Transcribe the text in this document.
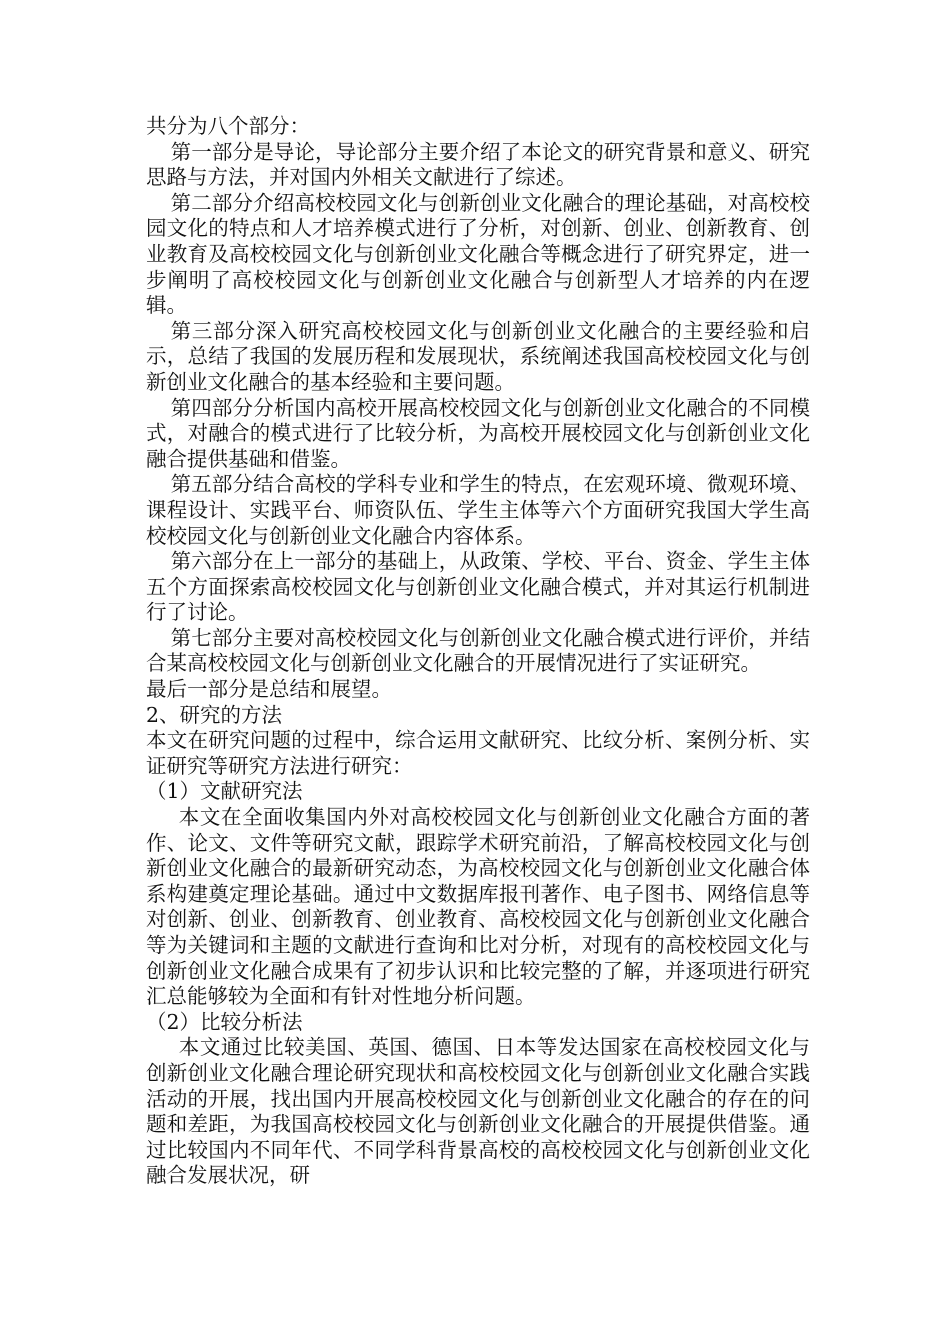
共分为八个部分：

第一部分是导论，导论部分主要介绍了本论文的研究背景和意义、研究思路与方法，并对国内外相关文献进行了综述。

第二部分介绍高校校园文化与创新创业文化融合的理论基础，对高校校园文化的特点和人才培养模式进行了分析，对创新、创业、创新教育、创业教育及高校校园文化与创新创业文化融合等概念进行了研究界定，进一步阐明了高校校园文化与创新创业文化融合与创新型人才培养的内在逻辑。

第三部分深入研究高校校园文化与创新创业文化融合的主要经验和启示，总结了我国的发展历程和发展现状，系统阐述我国高校校园文化与创新创业文化融合的基本经验和主要问题。

第四部分分析国内高校开展高校校园文化与创新创业文化融合的不同模式，对融合的模式进行了比较分析，为高校开展校园文化与创新创业文化融合提供基础和借鉴。

第五部分结合高校的学科专业和学生的特点，在宏观环境、微观环境、课程设计、实践平台、师资队伍、学生主体等六个方面研究我国大学生高校校园文化与创新创业文化融合内容体系。

第六部分在上一部分的基础上，从政策、学校、平台、资金、学生主体五个方面探索高校校园文化与创新创业文化融合模式，并对其运行机制进行了讨论。

第七部分主要对高校校园文化与创新创业文化融合模式进行评价，并结合某高校校园文化与创新创业文化融合的开展情况进行了实证研究。

最后一部分是总结和展望。

2、研究的方法

本文在研究问题的过程中，综合运用文献研究、比纹分析、案例分析、实证研究等研究方法进行研究：

（1）文献研究法

本文在全面收集国内外对高校校园文化与创新创业文化融合方面的著作、论文、文件等研究文献，跟踪学术研究前沿，了解高校校园文化与创新创业文化融合的最新研究动态，为高校校园文化与创新创业文化融合体系构建奠定理论基础。通过中文数据库报刊著作、电子图书、网络信息等对创新、创业、创新教育、创业教育、高校校园文化与创新创业文化融合等为关键词和主题的文献进行查询和比对分析，对现有的高校校园文化与创新创业文化融合成果有了初步认识和比较完整的了解，并逐项进行研究汇总能够较为全面和有针对性地分析问题。

（2）比较分析法

本文通过比较美国、英国、德国、日本等发达国家在高校校园文化与创新创业文化融合理论研究现状和高校校园文化与创新创业文化融合实践活动的开展，找出国内开展高校校园文化与创新创业文化融合的存在的问题和差距，为我国高校校园文化与创新创业文化融合的开展提供借鉴。通过比较国内不同年代、不同学科背景高校的高校校园文化与创新创业文化融合发展状况，研
